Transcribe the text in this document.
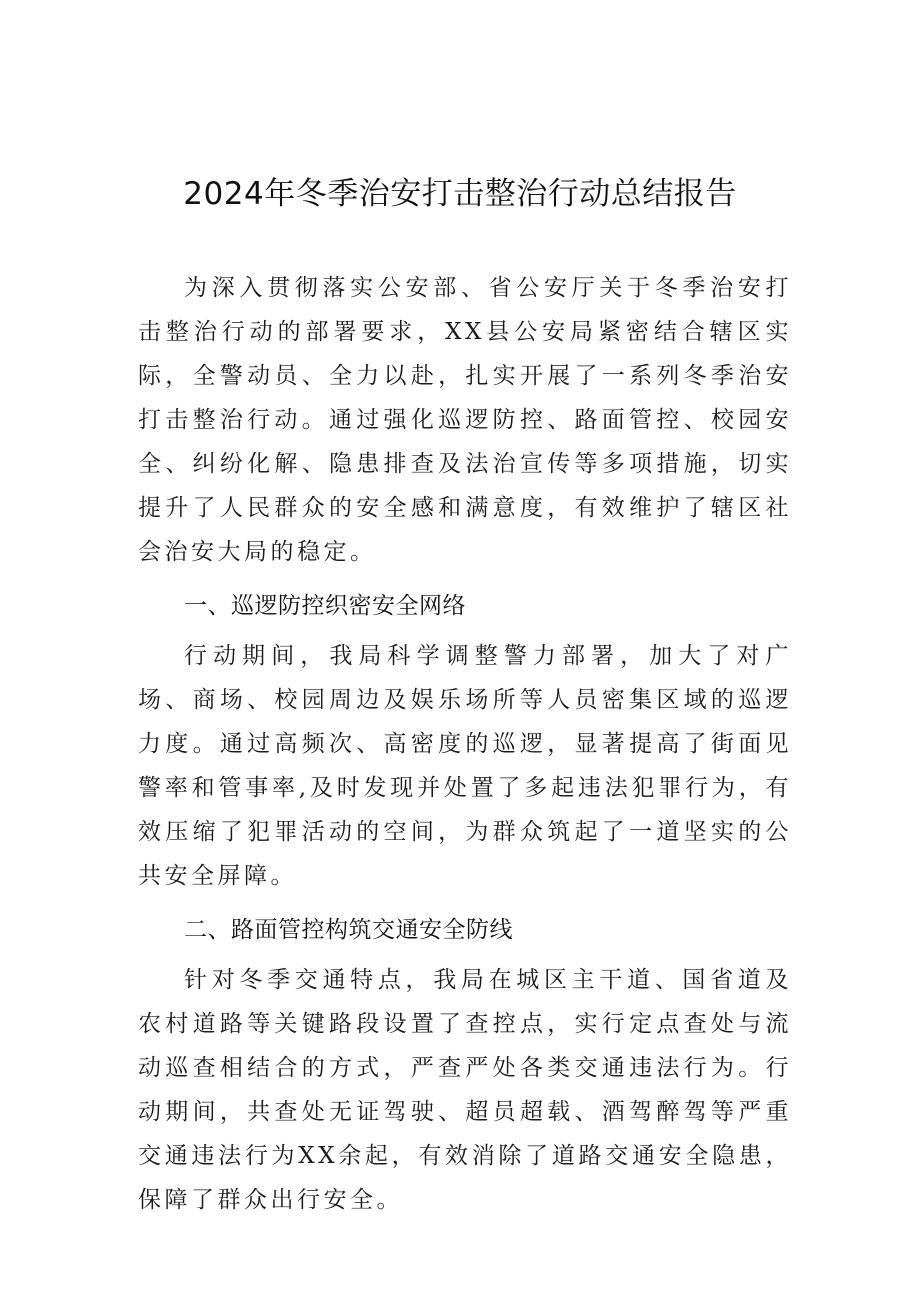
2024年冬季治安打击整治行动总结报告

为深入贯彻落实公安部、省公安厅关于冬季治安打击整治行动的部署要求，XX县公安局紧密结合辖区实际，全警动员、全力以赴，扎实开展了一系列冬季治安打击整治行动。通过强化巡逻防控、路面管控、校园安全、纠纷化解、隐患排查及法治宣传等多项措施，切实提升了人民群众的安全感和满意度，有效维护了辖区社会治安大局的稳定。

一、巡逻防控织密安全网络

行动期间，我局科学调整警力部署，加大了对广场、商场、校园周边及娱乐场所等人员密集区域的巡逻力度。通过高频次、高密度的巡逻，显著提高了街面见警率和管事率,及时发现并处置了多起违法犯罪行为，有效压缩了犯罪活动的空间，为群众筑起了一道坚实的公共安全屏障。

二、路面管控构筑交通安全防线

针对冬季交通特点，我局在城区主干道、国省道及农村道路等关键路段设置了查控点，实行定点查处与流动巡查相结合的方式，严查严处各类交通违法行为。行动期间，共查处无证驾驶、超员超载、酒驾醉驾等严重交通违法行为XX余起，有效消除了道路交通安全隐患，保障了群众出行安全。
